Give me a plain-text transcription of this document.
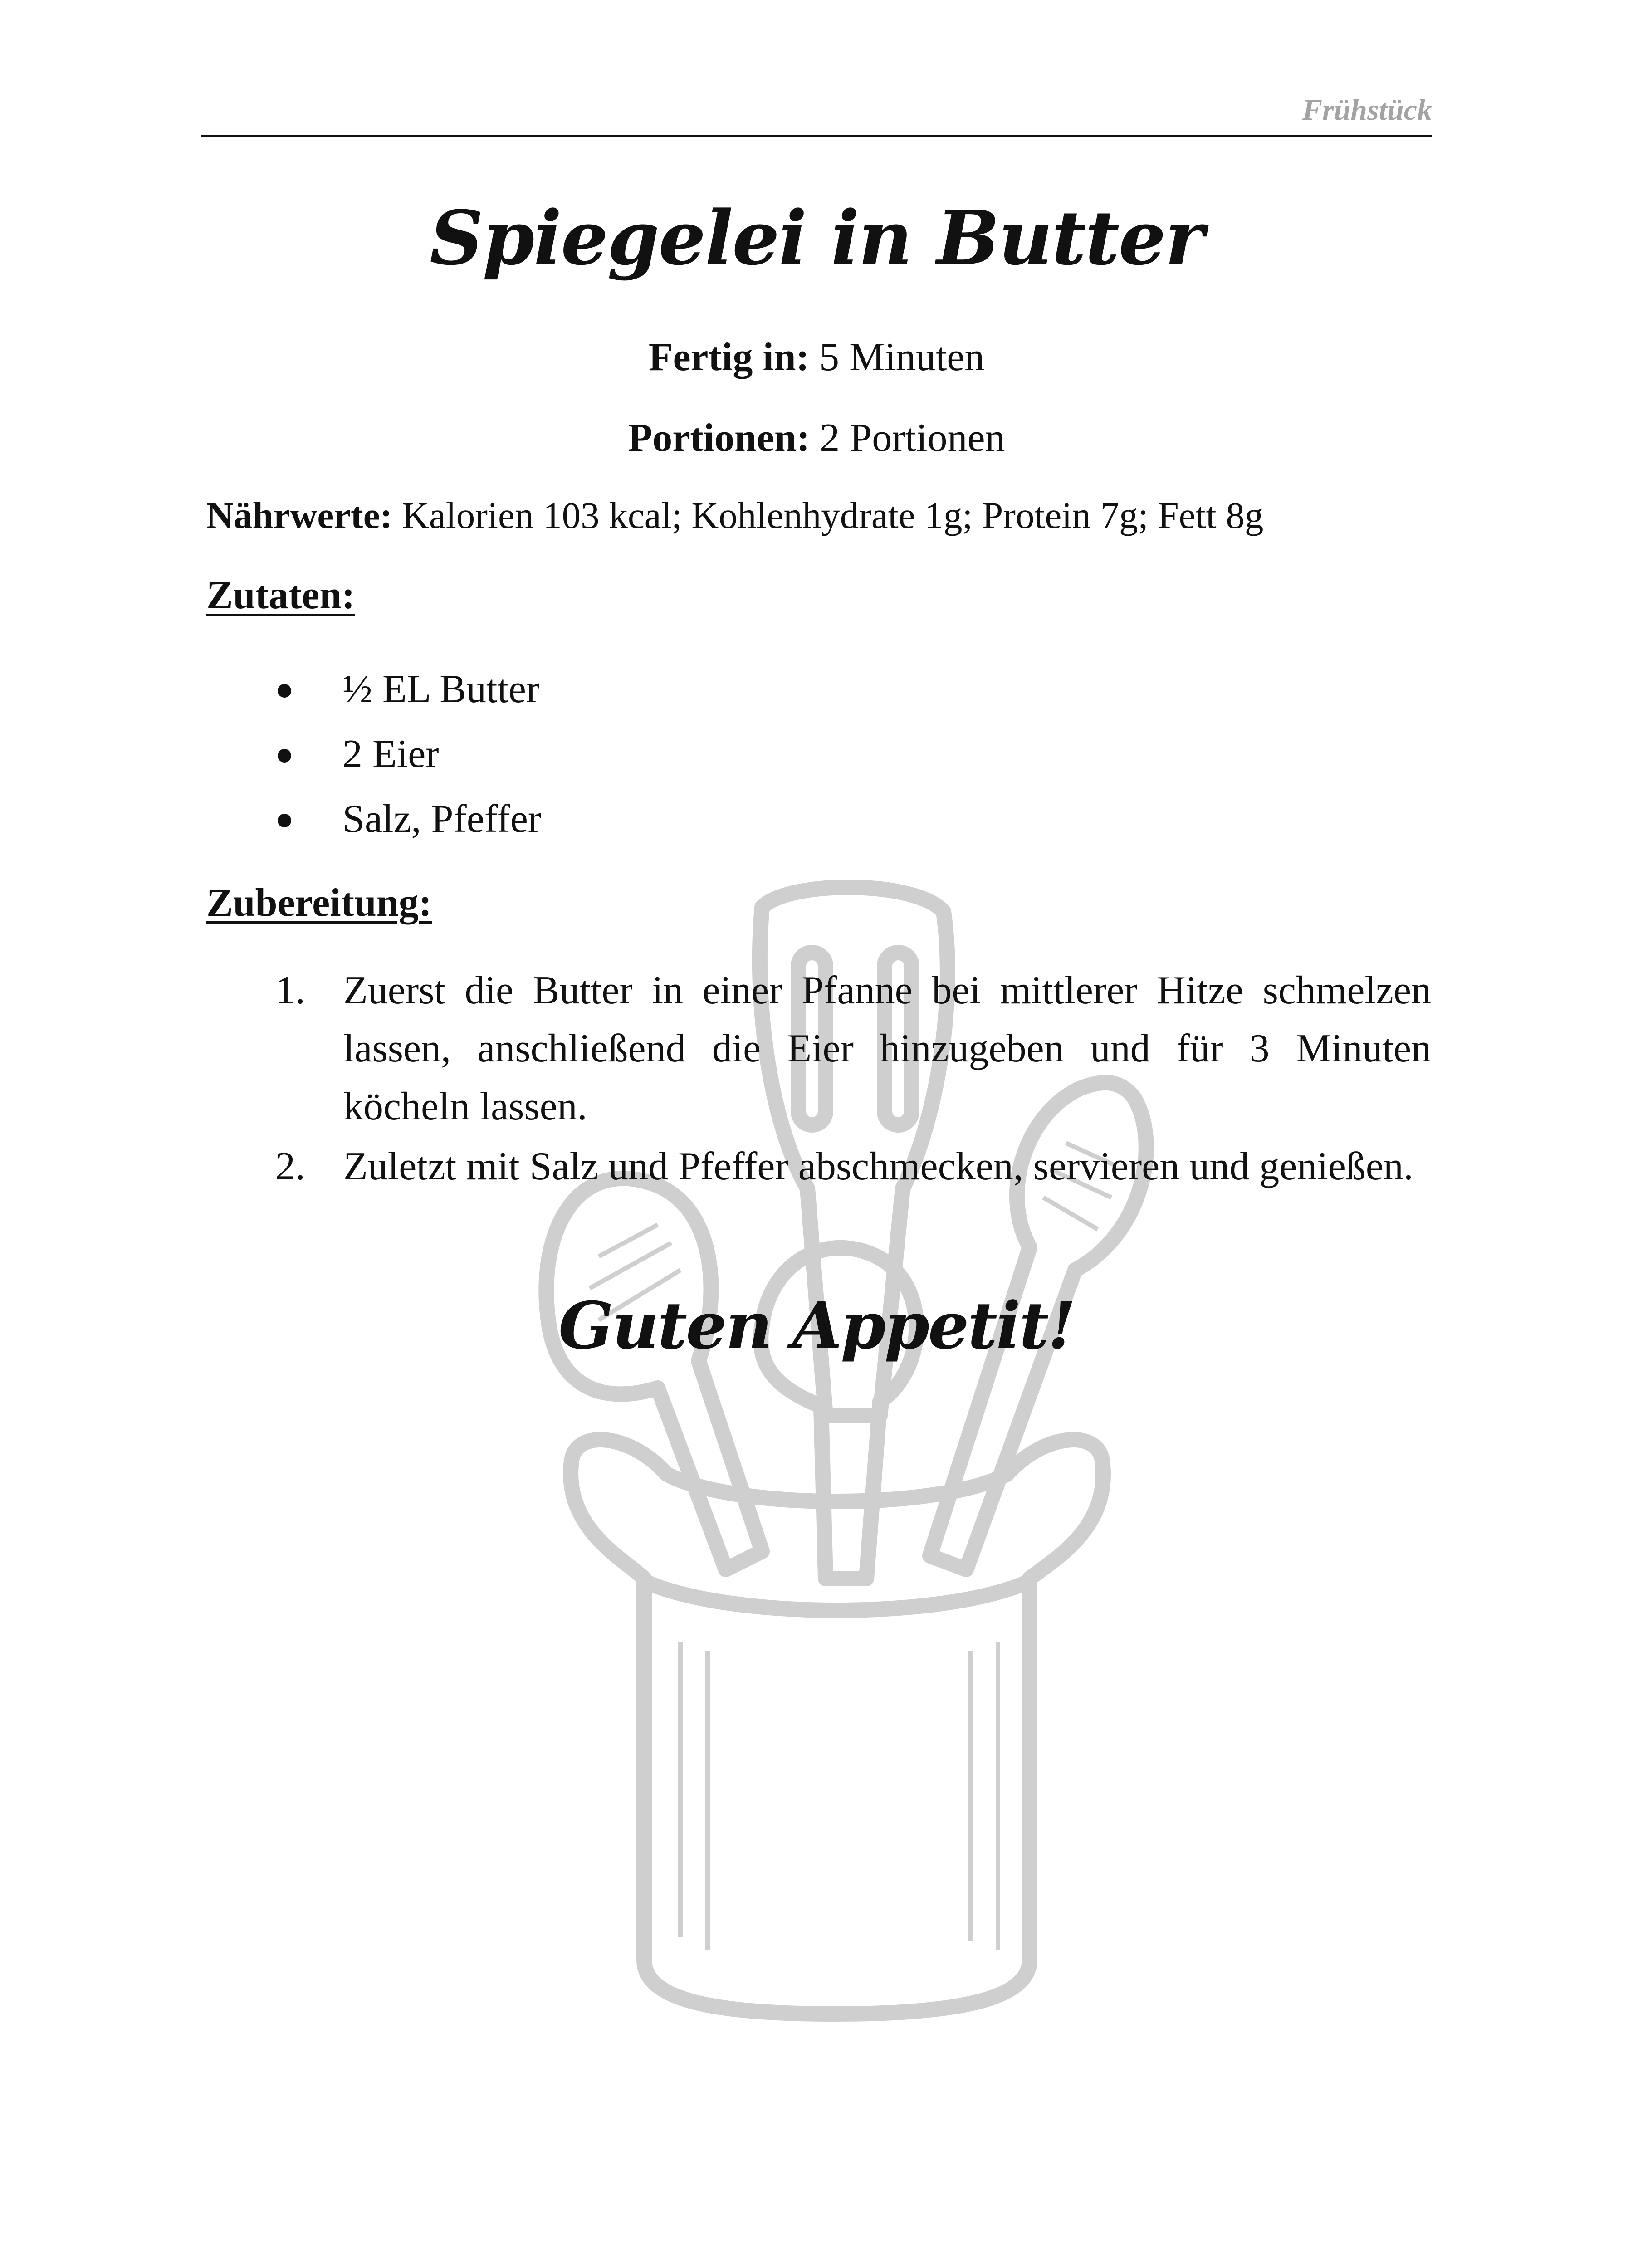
Frühstück
Spiegelei in Butter
Fertig in: 5 Minuten
Portionen: 2 Portionen
Nährwerte: Kalorien 103 kcal; Kohlenhydrate 1g; Protein 7g; Fett 8g
Zutaten:
½ EL Butter
2 Eier
Salz, Pfeffer
Zubereitung:
1. Zuerst die Butter in einer Pfanne bei mittlerer Hitze schmelzen lassen, anschließend die Eier hinzugeben und für 3 Minuten köcheln lassen.
2. Zuletzt mit Salz und Pfeffer abschmecken, servieren und genießen.
Guten Appetit!
